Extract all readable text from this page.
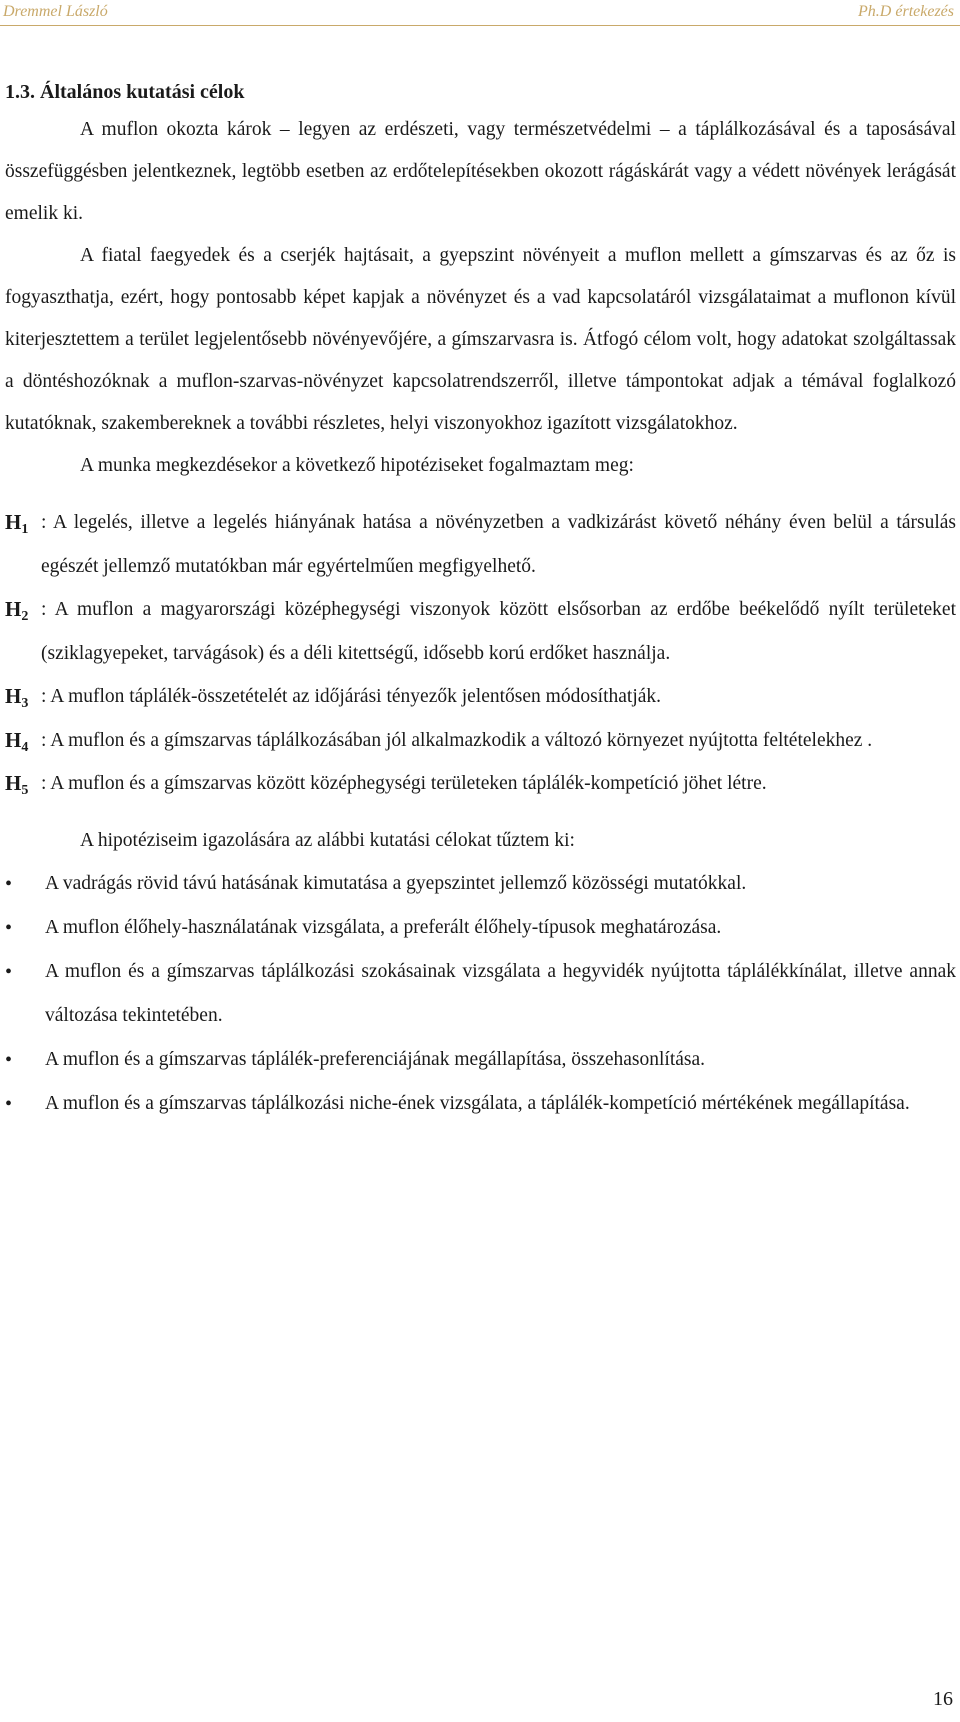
Dremmel László	Ph.D értekezés
1.3. Általános kutatási célok

A muflon okozta károk – legyen az erdészeti, vagy természetvédelmi – a táplálkozásával és a taposásával összefüggésben jelentkeznek, legtöbb esetben az erdőtelepítésekben okozott rágáskárát vagy a védett növények lerágását emelik ki.

A fiatal faegyedek és a cserjék hajtásait, a gyepszint növényeit a muflon mellett a gímszarvas és az őz is fogyaszthatja, ezért, hogy pontosabb képet kapjak a növényzet és a vad kapcsolatáról vizsgálataimat a muflonon kívül kiterjesztettem a terület legjelentősebb növényevőjére, a gímszarvasra is. Átfogó célom volt, hogy adatokat szolgáltassak a döntéshozóknak a muflon-szarvas-növényzet kapcsolatrendszerről, illetve támpontokat adjak a témával foglalkozó kutatóknak, szakembereknek a további részletes, helyi viszonyokhoz igazított vizsgálatokhoz.

A munka megkezdésekor a következő hipotéziseket fogalmaztam meg:

$H_1$ : A legelés, illetve a legelés hiányának hatása a növényzetben a vadkizárást követő néhány éven belül a társulás egészét jellemző mutatókban már egyértelműen megfigyelhető.

$H_2$ : A muflon a magyarországi középhegységi viszonyok között elsősorban az erdőbe beékelődő nyílt területeket (sziklagyepeket, tarvágások) és a déli kitettségű, idősebb korú erdőket használja.

$H_3$ : A muflon táplálék-összetételét az időjárási tényezők jelentősen módosíthatják.

$H_4$ : A muflon és a gímszarvas táplálkozásában jól alkalmazkodik a változó környezet nyújtotta feltételekhez .

$H_5$ : A muflon és a gímszarvas között középhegységi területeken táplálék-kompetíció jöhet létre.

A hipotéziseim igazolására az alábbi kutatási célokat tűztem ki:

• A vadrágás rövid távú hatásának kimutatása a gyepszintet jellemző közösségi mutatókkal.

• A muflon élőhely-használatának vizsgálata, a preferált élőhely-típusok meghatározása.

• A muflon és a gímszarvas táplálkozási szokásainak vizsgálata a hegyvidék nyújtotta táplálékkínálat, illetve annak változása tekintetében.

• A muflon és a gímszarvas táplálék-preferenciájának megállapítása, összehasonlítása.

• A muflon és a gímszarvas táplálkozási niche-ének vizsgálata, a táplálék-kompetíció mértékének megállapítása.

16
